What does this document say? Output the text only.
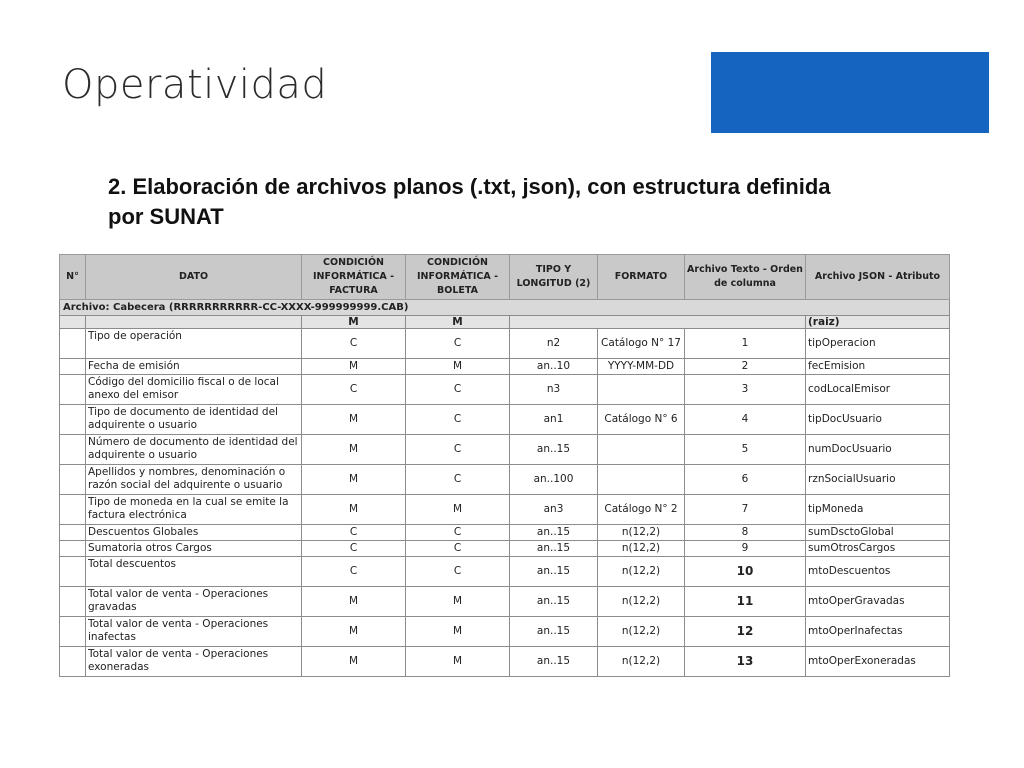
Operatividad
2. Elaboración de archivos planos (.txt, json), con estructura definida por SUNAT
N°	DATO	CONDICIÓN INFORMÁTICA - FACTURA	CONDICIÓN INFORMÁTICA - BOLETA	TIPO Y LONGITUD (2)	FORMATO	Archivo Texto - Orden de columna	Archivo JSON - Atributo
Archivo: Cabecera (RRRRRRRRRRR-CC-XXXX-999999999.CAB)							
		M	M				(raiz)
	Tipo de operación	C	C	n2	Catálogo N° 17	1	tipOperacion
	Fecha de emisión	M	M	an..10	YYYY-MM-DD	2	fecEmision
	Código del domicilio fiscal o de local anexo del emisor	C	C	n3		3	codLocalEmisor
	Tipo de documento de identidad del adquirente o usuario	M	C	an1	Catálogo N° 6	4	tipDocUsuario
	Número de documento de identidad del adquirente o usuario	M	C	an..15		5	numDocUsuario
	Apellidos y nombres, denominación o razón social del adquirente o usuario	M	C	an..100		6	rznSocialUsuario
	Tipo de moneda en la cual se emite la factura electrónica	M	M	an3	Catálogo N° 2	7	tipMoneda
	Descuentos Globales	C	C	an..15	n(12,2)	8	sumDsctoGlobal
	Sumatoria otros Cargos	C	C	an..15	n(12,2)	9	sumOtrosCargos
	Total descuentos	C	C	an..15	n(12,2)	10	mtoDescuentos
	Total valor de venta - Operaciones gravadas	M	M	an..15	n(12,2)	11	mtoOperGravadas
	Total valor de venta - Operaciones inafectas	M	M	an..15	n(12,2)	12	mtoOperInafectas
	Total valor de venta - Operaciones exoneradas	M	M	an..15	n(12,2)	13	mtoOperExoneradas
